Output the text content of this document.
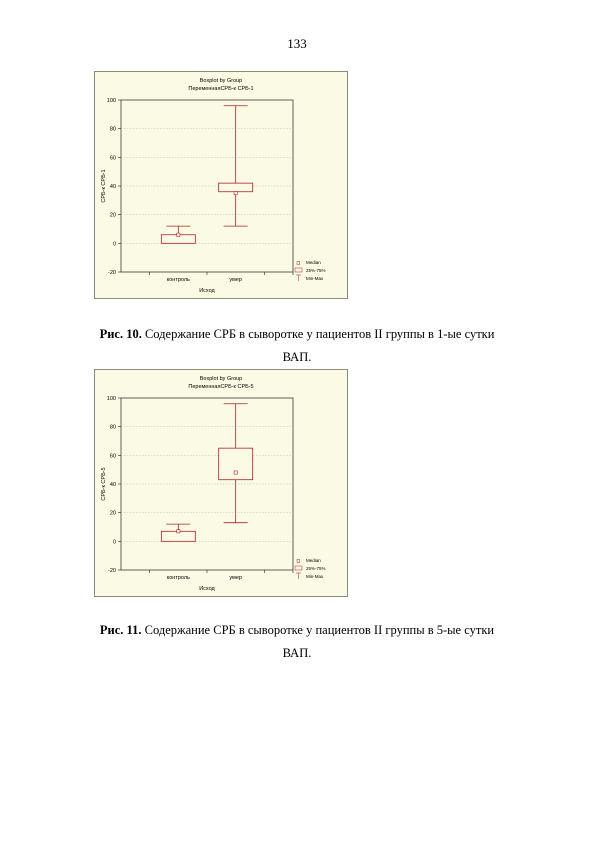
133
Boxplot by Group
ПеременнаяСРБ-к СРБ-1
-20
0
20
40
60
80
100
контроль	умер
Исход
СРБ-к СРБ-1
Median
25%-75%
Min-Max
Рис. 10. Содержание СРБ в сыворотке у пациентов II группы в 1-ые сутки
ВАП.
Boxplot by Group
ПеременнаяСРБ-к СРБ-5
-20
0
20
40
60
80
100
контроль	умер
Исход
СРБ-к СРБ-5
Median
25%-75%
Min-Max
Рис. 11. Содержание СРБ в сыворотке у пациентов II группы в 5-ые сутки
ВАП.
